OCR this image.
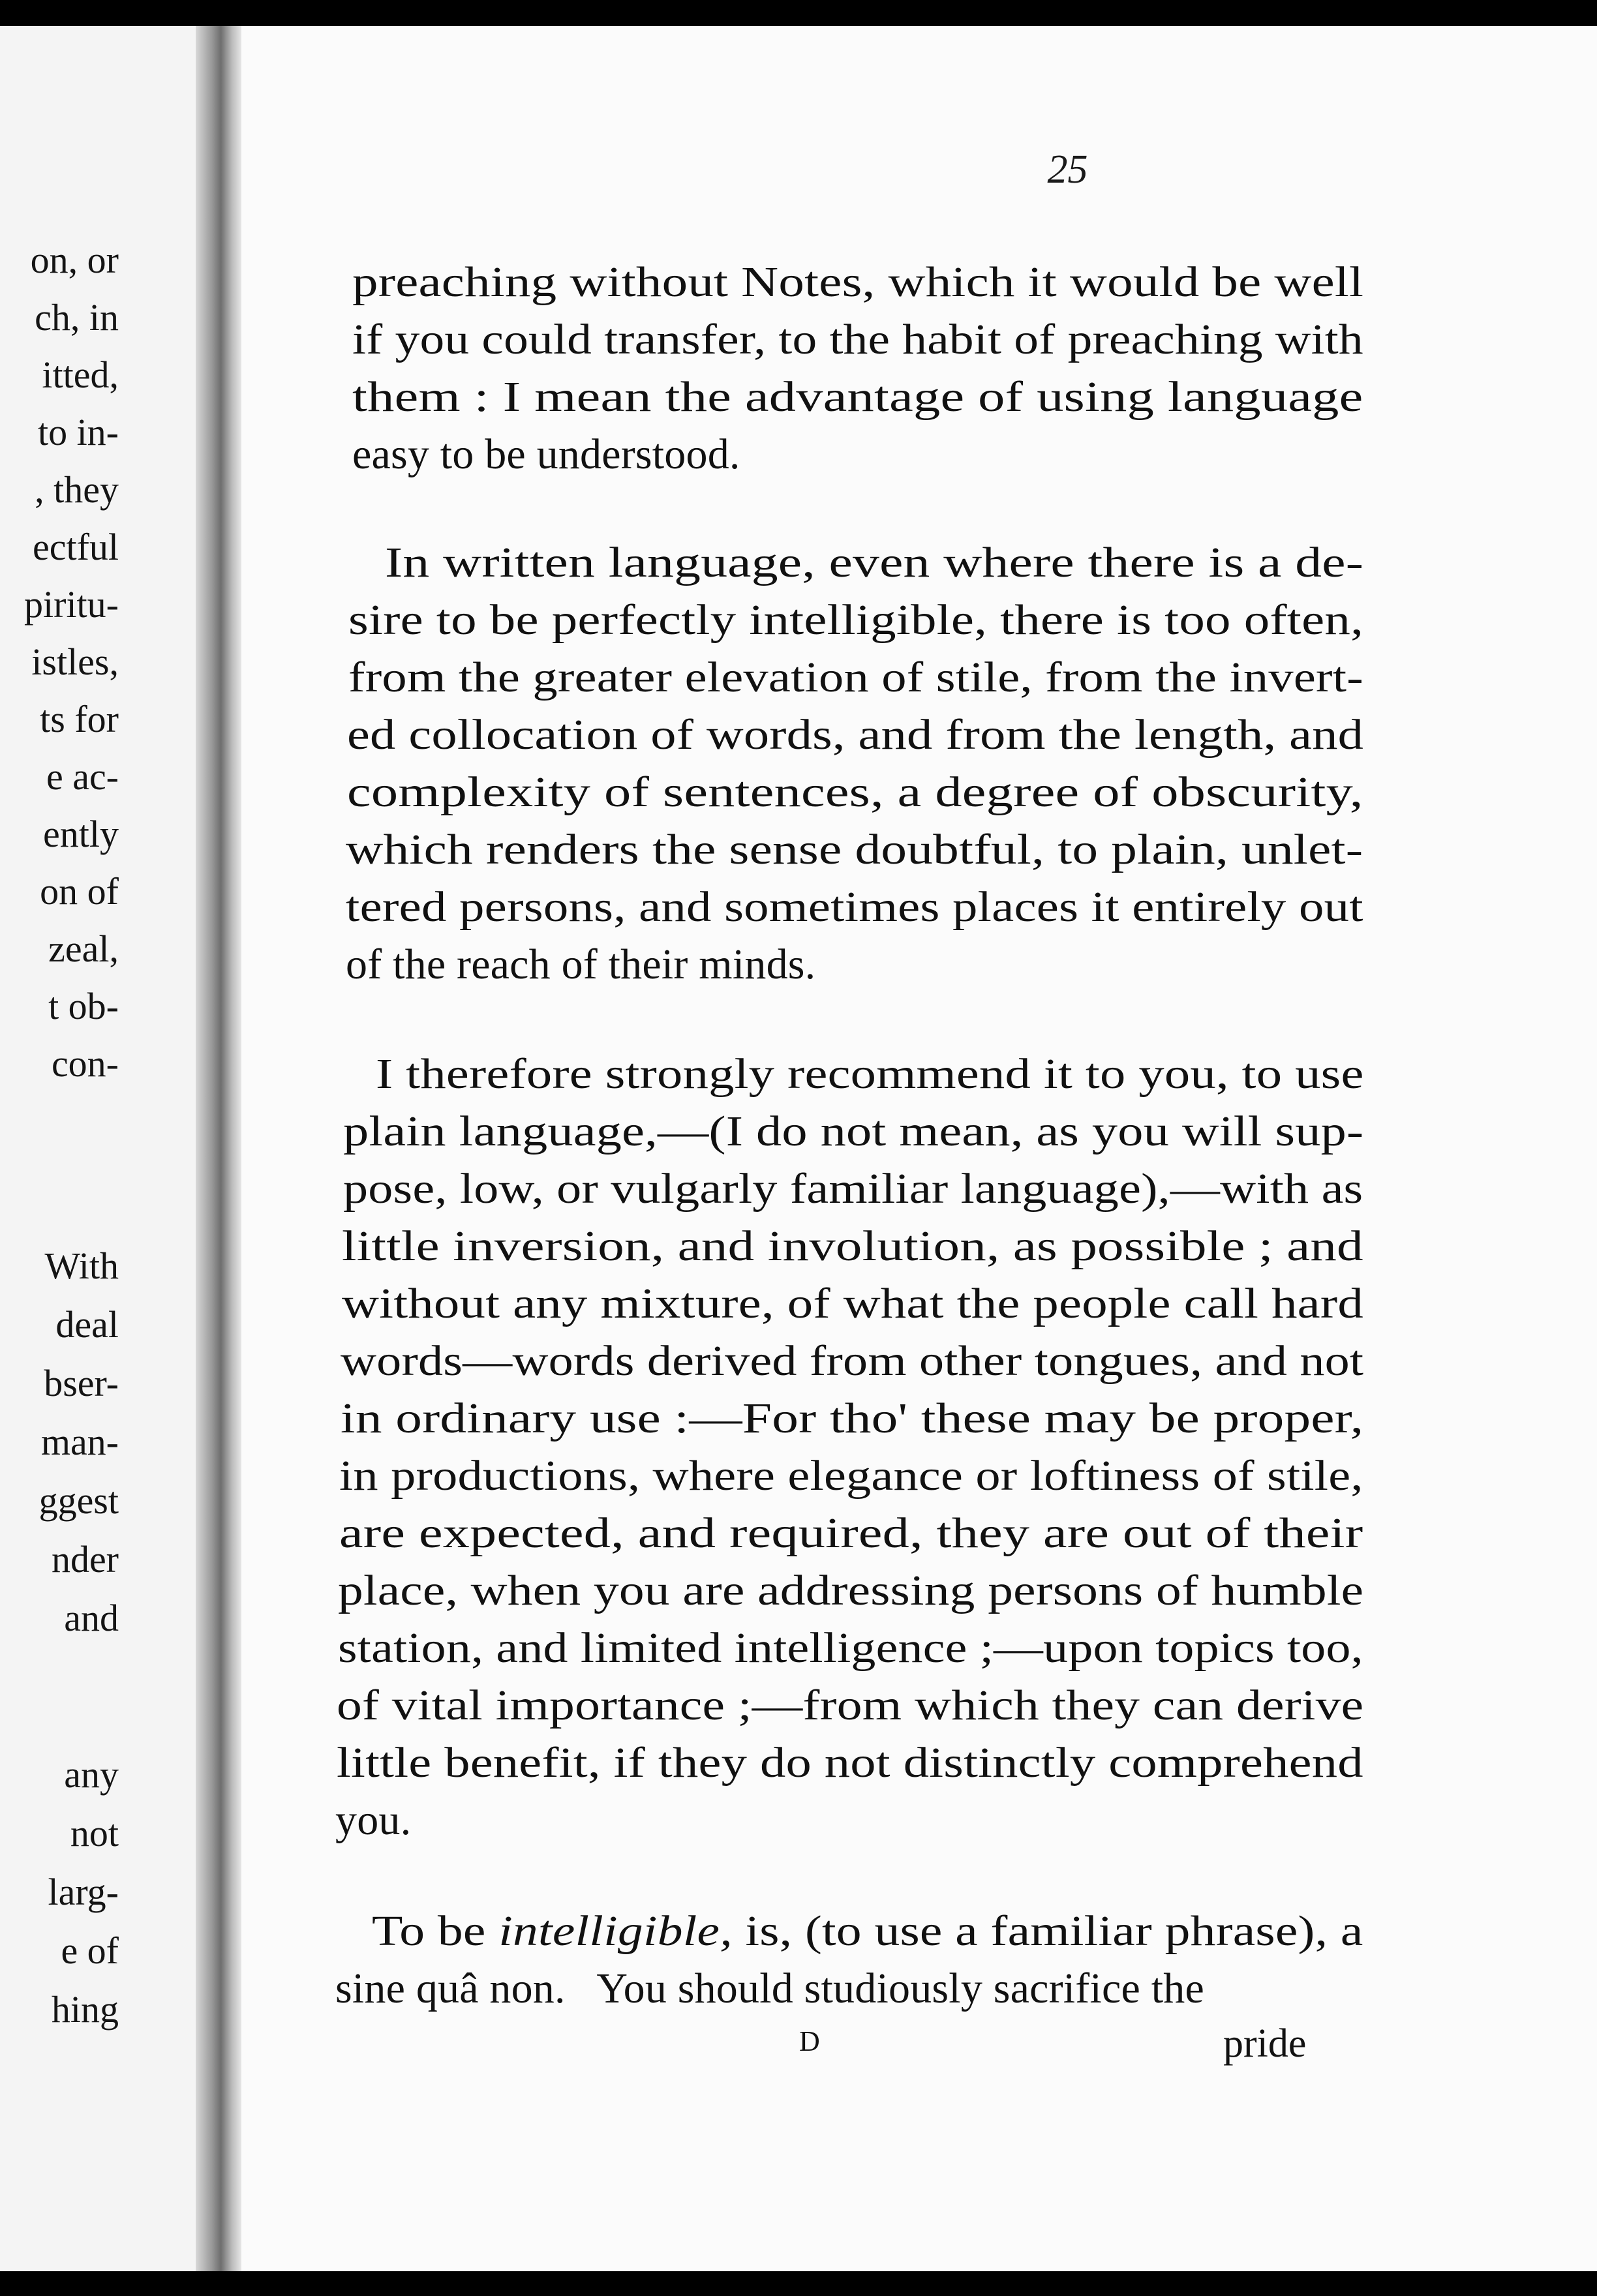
on, or
ch, in
itted,
to in-
, they
ectful
piritu-
istles,
ts for
e ac-
ently
on of
zeal,
t ob-
con-
With
deal
bser-
man-
ggest
nder
and
any
not
larg-
e of
hing
25
preaching without Notes, which it would be well
if you could transfer, to the habit of preaching with
them : I mean the advantage of using language
easy to be understood.
In written language, even where there is a de-
sire to be perfectly intelligible, there is too often,
from the greater elevation of stile, from the invert-
ed collocation of words, and from the length, and
complexity of sentences, a degree of obscurity,
which renders the sense doubtful, to plain, unlet-
tered persons, and sometimes places it entirely out
of the reach of their minds.
I therefore strongly recommend it to you, to use
plain language,—(I do not mean, as you will sup-
pose, low, or vulgarly familiar language),—with as
little inversion, and involution, as possible ; and
without any mixture, of what the people call hard
words—words derived from other tongues, and not
in ordinary use :—For tho' these may be proper,
in productions, where elegance or loftiness of stile,
are expected, and required, they are out of their
place, when you are addressing persons of humble
station, and limited intelligence ;—upon topics too,
of vital importance ;—from which they can derive
little benefit, if they do not distinctly comprehend
you.
To be intelligible, is, (to use a familiar phrase), a
sine quâ non.   You should studiously sacrifice the
D	pride
